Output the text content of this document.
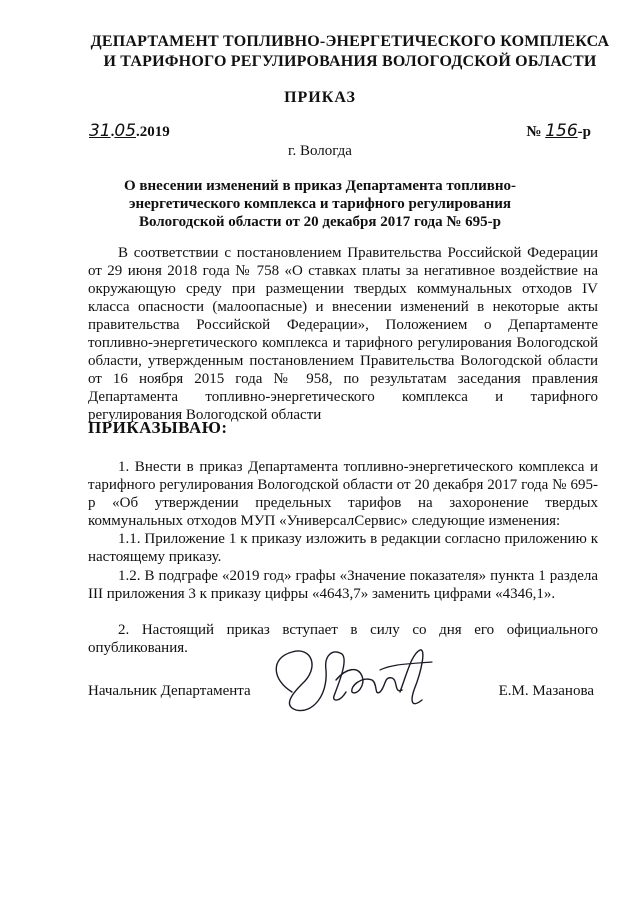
ДЕПАРТАМЕНТ ТОПЛИВНО-ЭНЕРГЕТИЧЕСКОГО КОМПЛЕКСА
И ТАРИФНОГО РЕГУЛИРОВАНИЯ ВОЛОГОДСКОЙ ОБЛАСТИ
ПРИКАЗ
31.05.2019	№ 156-р
г. Вологда
О внесении изменений в приказ Департамента топливно-энергетического комплекса и тарифного регулирования Вологодской области от 20 декабря 2017 года № 695-р
В соответствии с постановлением Правительства Российской Федерации от 29 июня 2018 года № 758 «О ставках платы за негативное воздействие на окружающую среду при размещении твердых коммунальных отходов IV класса опасности (малоопасные) и внесении изменений в некоторые акты правительства Российской Федерации», Положением о Департаменте топливно-энергетического комплекса и тарифного регулирования Вологодской области, утвержденным постановлением Правительства Вологодской области от 16 ноября 2015 года № 958, по результатам заседания правления Департамента топливно-энергетического комплекса и тарифного регулирования Вологодской области
ПРИКАЗЫВАЮ:
1. Внести в приказ Департамента топливно-энергетического комплекса и тарифного регулирования Вологодской области от 20 декабря 2017 года № 695-р «Об утверждении предельных тарифов на захоронение твердых коммунальных отходов МУП «УниверсалСервис» следующие изменения:
1.1. Приложение 1 к приказу изложить в редакции согласно приложению к настоящему приказу.
1.2. В подграфе «2019 год» графы «Значение показателя» пункта 1 раздела III приложения 3 к приказу цифры «4643,7» заменить цифрами «4346,1».
2. Настоящий приказ вступает в силу со дня его официального опубликования.
Начальник Департамента	Е.М. Мазанова
